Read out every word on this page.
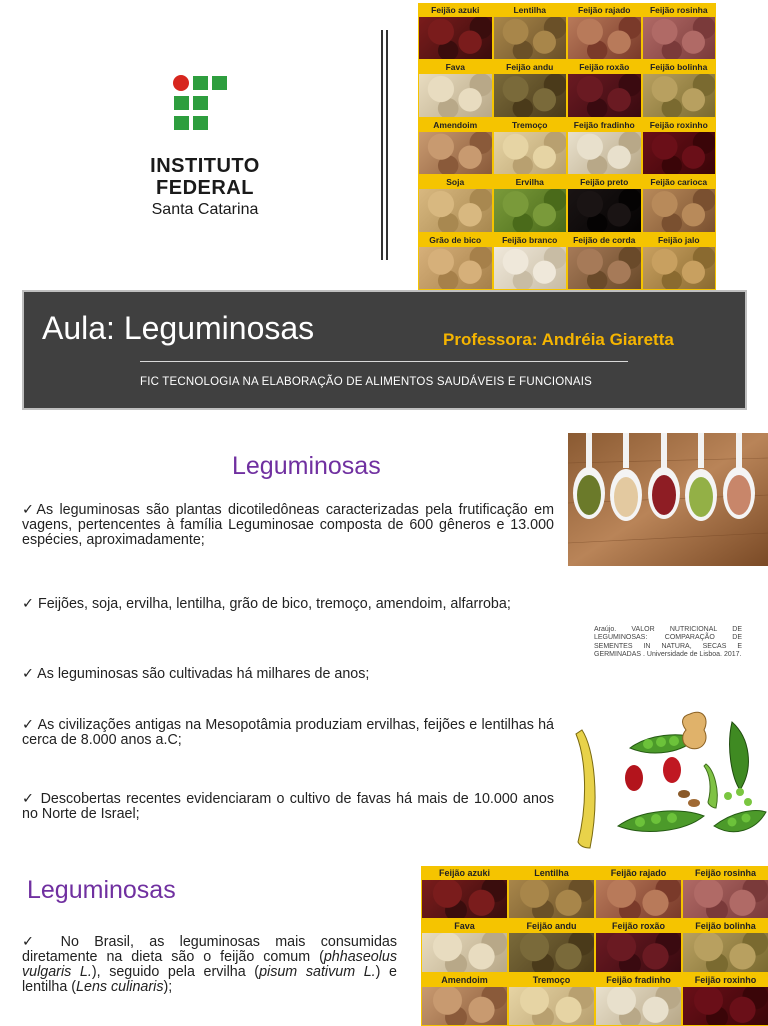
INSTITUTO
FEDERAL
Santa Catarina
Feijão azuki	Lentilha	Feijão rajado	Feijão rosinha
Fava	Feijão andu	Feijão roxão	Feijão bolinha
Amendoim	Tremoço	Feijão fradinho	Feijão roxinho
Soja	Ervilha	Feijão preto	Feijão carioca
Grão de bico	Feijão branco	Feijão de corda	Feijão jalo
Aula: Leguminosas	Professora: Andréia Giaretta
FIC TECNOLOGIA NA ELABORAÇÃO DE ALIMENTOS SAUDÁVEIS E FUNCIONAIS
Leguminosas
✓As leguminosas são plantas dicotiledôneas caracterizadas pela frutificação em vagens, pertencentes à família Leguminosae composta de 600 gêneros e 13.000 espécies, aproximadamente;
✓ Feijões, soja, ervilha, lentilha, grão de bico, tremoço, amendoim, alfarroba;
✓ As leguminosas são cultivadas há milhares de anos;
✓ As civilizações antigas na Mesopotâmia produziam ervilhas, feijões e lentilhas há cerca de 8.000 anos a.C;
✓ Descobertas recentes evidenciaram o cultivo de favas há mais de 10.000 anos no Norte de Israel;
Araújo. VALOR NUTRICIONAL DE LEGUMINOSAS: COMPARAÇÃO DE SEMENTES IN NATURA, SECAS E GERMINADAS . Universidade de Lisboa. 2017.
Leguminosas
✓ No Brasil, as leguminosas mais consumidas diretamente na dieta são o feijão comum (phhaseolus vulgaris L.), seguido pela ervilha (pisum sativum L.) e lentilha (Lens culinaris);
Feijão azuki	Lentilha	Feijão rajado	Feijão rosinha
Fava	Feijão andu	Feijão roxão	Feijão bolinha
Amendoim	Tremoço	Feijão fradinho	Feijão roxinho
